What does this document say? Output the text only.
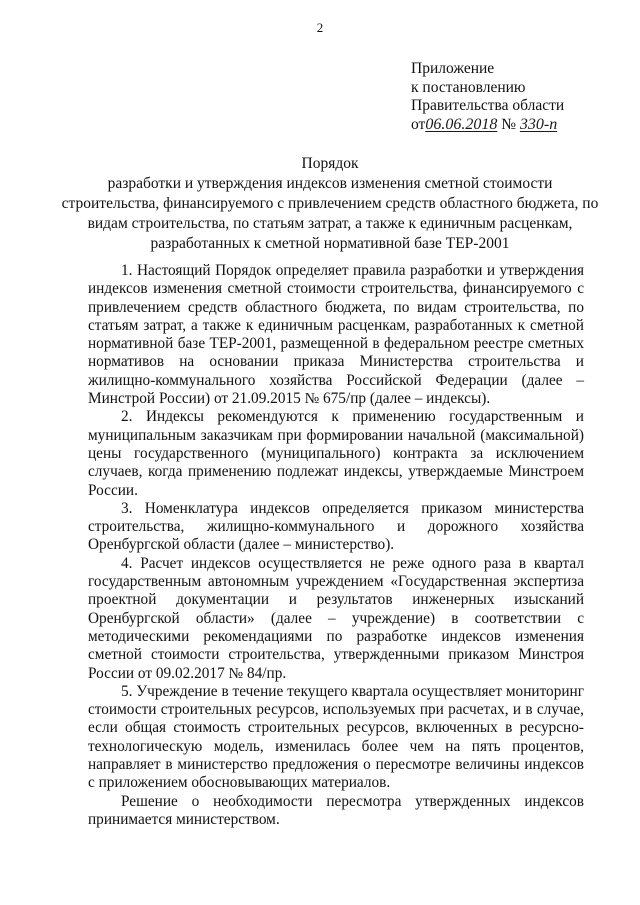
2
Приложение
к постановлению
Правительства области
от06.06.2018 № 330-п
Порядок
разработки и утверждения индексов изменения сметной стоимости строительства, финансируемого с привлечением средств областного бюджета, по видам строительства, по статьям затрат, а также к единичным расценкам, разработанных к сметной нормативной базе ТЕР-2001

1. Настоящий Порядок определяет правила разработки и утверждения индексов изменения сметной стоимости строительства, финансируемого с привлечением средств областного бюджета, по видам строительства, по статьям затрат, а также к единичным расценкам, разработанных к сметной нормативной базе ТЕР-2001, размещенной в федеральном реестре сметных нормативов на основании приказа Министерства строительства и жилищно-коммунального хозяйства Российской Федерации (далее – Минстрой России) от 21.09.2015 № 675/пр (далее – индексы).

2. Индексы рекомендуются к применению государственным и муниципальным заказчикам при формировании начальной (максимальной) цены государственного (муниципального) контракта за исключением случаев, когда применению подлежат индексы, утверждаемые Минстроем России.

3. Номенклатура индексов определяется приказом министерства строительства, жилищно-коммунального и дорожного хозяйства Оренбургской области (далее – министерство).

4. Расчет индексов осуществляется не реже одного раза в квартал государственным автономным учреждением «Государственная экспертиза проектной документации и результатов инженерных изысканий Оренбургской области» (далее – учреждение) в соответствии с методическими рекомендациями по разработке индексов изменения сметной стоимости строительства, утвержденными приказом Минстроя России от 09.02.2017 № 84/пр.

5. Учреждение в течение текущего квартала осуществляет мониторинг стоимости строительных ресурсов, используемых при расчетах, и в случае, если общая стоимость строительных ресурсов, включенных в ресурсно-технологическую модель, изменилась более чем на пять процентов, направляет в министерство предложения о пересмотре величины индексов с приложением обосновывающих материалов.

Решение о необходимости пересмотра утвержденных индексов принимается министерством.
